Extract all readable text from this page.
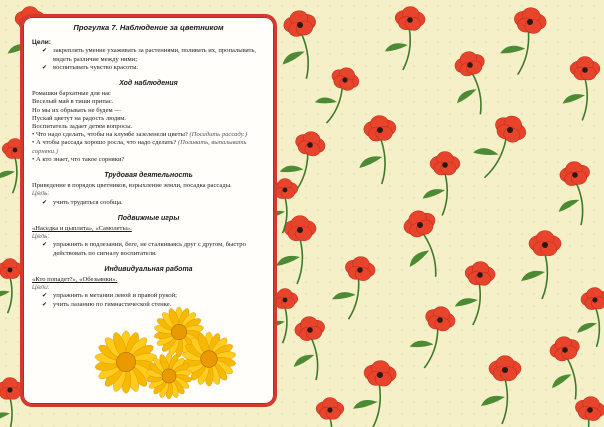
Прогулка 7. Наблюдение за цветником
Цели:
✔ закреплять умение ухаживать за растениями, поливать их, пропалывать, видеть различие между ними;
✔ воспитывать чувство красоты.
Ход наблюдения
Ромашки бархатные для нас
Веселый май в тиши припас.
Но мы их обрывать не будем —
Пускай цветут на радость людям.
Воспитатель задает детям вопросы.
• Что надо сделать, чтобы на клумбе зазеленели цветы? (Посадить рассаду.)
• А чтобы рассада хорошо росла, что надо сделать? (Поливать, выпалывать сорняки.)
• А кто знает, что такое сорняки?
Трудовая деятельность
Приведение в порядок цветников, взрыхление земли, посадка рассады.
Цель:
✔ учить трудиться сообща.
Подвижные игры
«Наседка и цыплята», «Самолеты».
Цель:
✔ упражнять в подлезании, беге, не сталкиваясь друг с другом, быстро действовать по сигналу воспитателя.
Индивидуальная работа
«Кто попадет?», «Обезьянки».
Цели:
✔ упражнять в метании левой и правой рукой;
✔ учить лазанию по гимнастической стенке.
